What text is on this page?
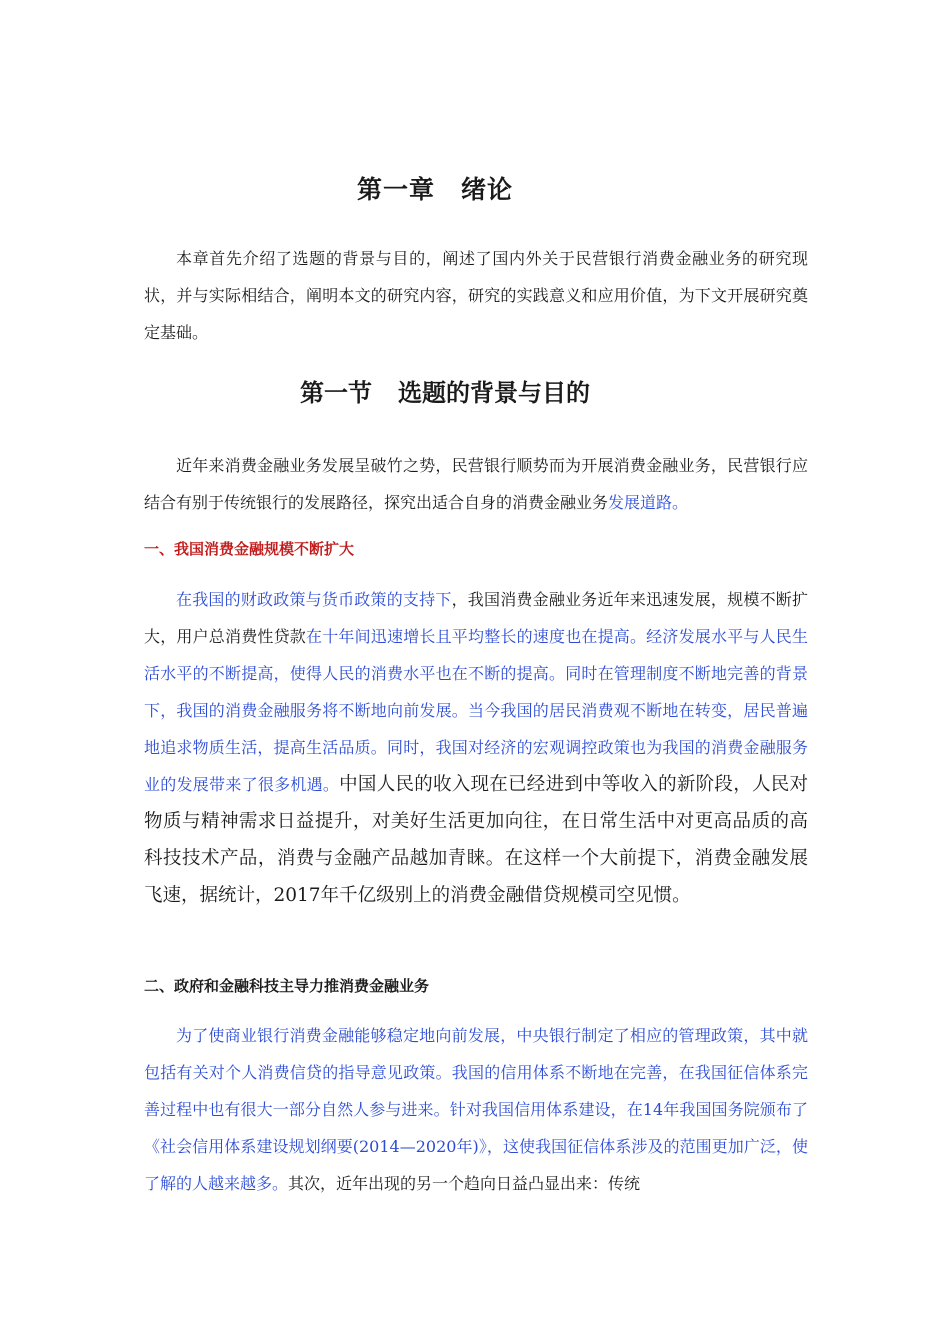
第一章 绪论

本章首先介绍了选题的背景与目的，阐述了国内外关于民营银行消费金融业务的研究现状，并与实际相结合，阐明本文的研究内容，研究的实践意义和应用价值，为下文开展研究奠定基础。

第一节 选题的背景与目的

近年来消费金融业务发展呈破竹之势，民营银行顺势而为开展消费金融业务，民营银行应结合有别于传统银行的发展路径，探究出适合自身的消费金融业务发展道路。

一、我国消费金融规模不断扩大

在我国的财政政策与货币政策的支持下，我国消费金融业务近年来迅速发展，规模不断扩大，用户总消费性贷款在十年间迅速增长且平均整长的速度也在提高。经济发展水平与人民生活水平的不断提高，使得人民的消费水平也在不断的提高。同时在管理制度不断地完善的背景下，我国的消费金融服务将不断地向前发展。当今我国的居民消费观不断地在转变，居民普遍地追求物质生活，提高生活品质。同时，我国对经济的宏观调控政策也为我国的消费金融服务业的发展带来了很多机遇。中国人民的收入现在已经进到中等收入的新阶段，人民对物质与精神需求日益提升，对美好生活更加向往，在日常生活中对更高品质的高科技技术产品，消费与金融产品越加青睐。在这样一个大前提下，消费金融发展飞速，据统计，2017年千亿级别上的消费金融借贷规模司空见惯。

二、政府和金融科技主导力推消费金融业务

为了使商业银行消费金融能够稳定地向前发展，中央银行制定了相应的管理政策，其中就包括有关对个人消费信贷的指导意见政策。我国的信用体系不断地在完善，在我国征信体系完善过程中也有很大一部分自然人参与进来。针对我国信用体系建设，在14年我国国务院颁布了《社会信用体系建设规划纲要(2014—2020年)》，这使我国征信体系涉及的范围更加广泛，使了解的人越来越多。其次，近年出现的另一个趋向日益凸显出来：传统
